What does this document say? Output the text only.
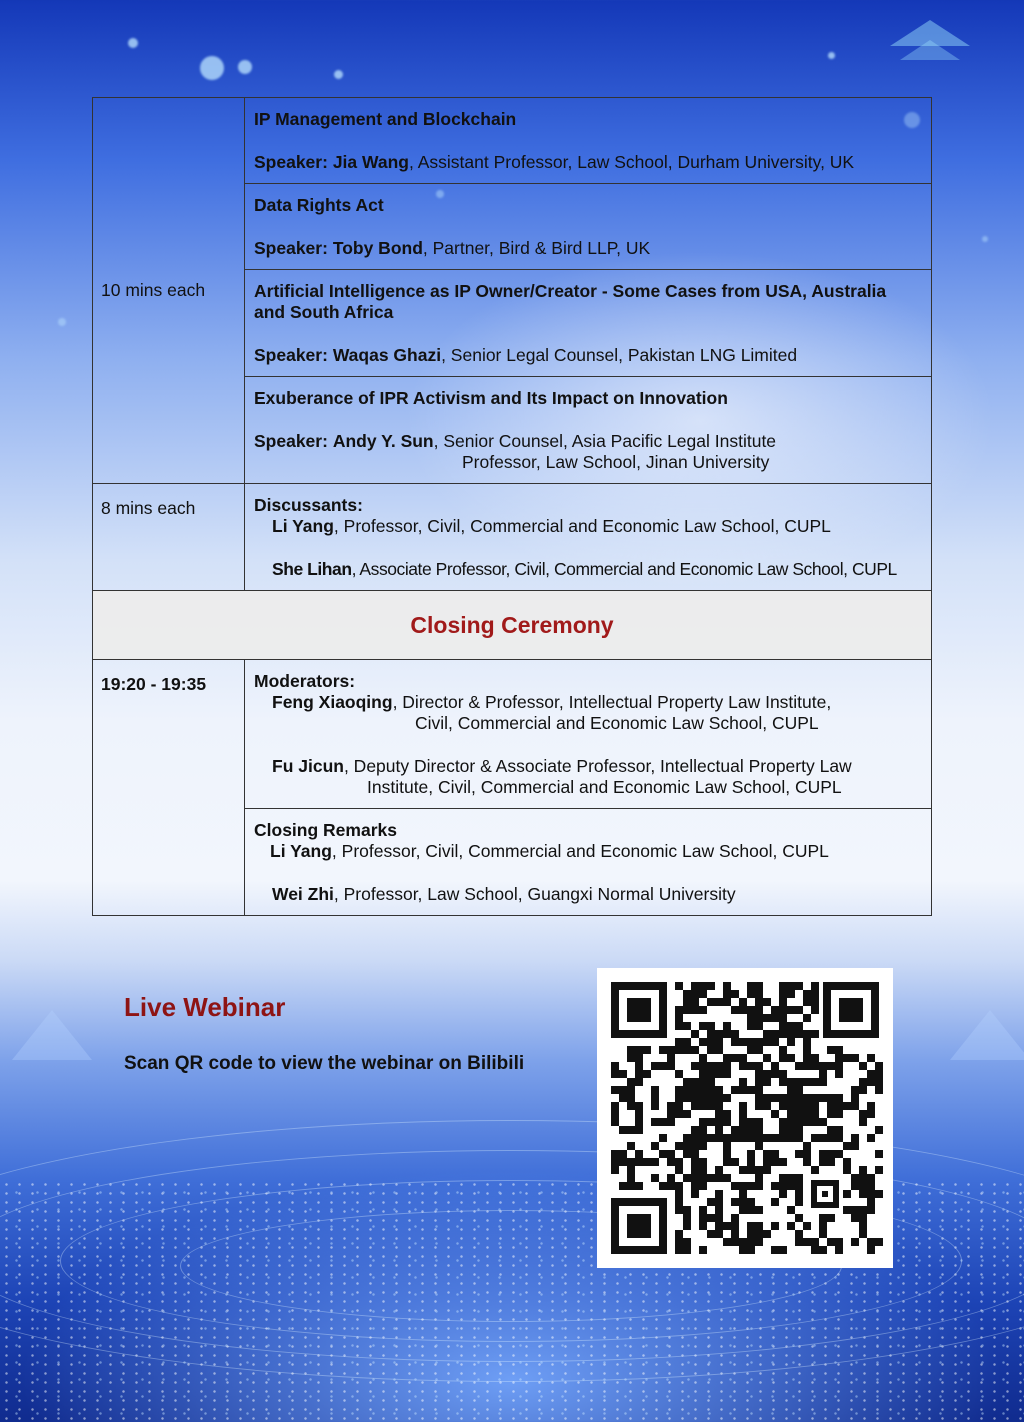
10 mins each	IP Management and Blockchain
Speaker: Jia Wang, Assistant Professor, Law School, Durham University, UK

	Data Rights Act
Speaker: Toby Bond, Partner, Bird & Bird LLP, UK

	Artificial Intelligence as IP Owner/Creator - Some Cases from USA, Australia and South Africa
Speaker: Waqas Ghazi, Senior Legal Counsel, Pakistan LNG Limited

	Exuberance of IPR Activism and Its Impact on Innovation
Speaker: Andy Y. Sun, Senior Counsel, Asia Pacific Legal Institute
Professor, Law School, Jinan University

8 mins each	Discussants:
Li Yang, Professor, Civil, Commercial and Economic Law School, CUPL
She Lihan, Associate Professor, Civil, Commercial and Economic Law School, CUPL

Closing Ceremony	
19:20 - 19:35	Moderators:
Feng Xiaoqing, Director & Professor, Intellectual Property Law Institute,
Civil, Commercial and Economic Law School, CUPL
Fu Jicun, Deputy Director & Associate Professor, Intellectual Property Law
Institute, Civil, Commercial and Economic Law School, CUPL

	Closing Remarks
Li Yang, Professor, Civil, Commercial and Economic Law School, CUPL
Wei Zhi, Professor, Law School, Guangxi Normal University
Live Webinar
Scan QR code to view the webinar on Bilibili
